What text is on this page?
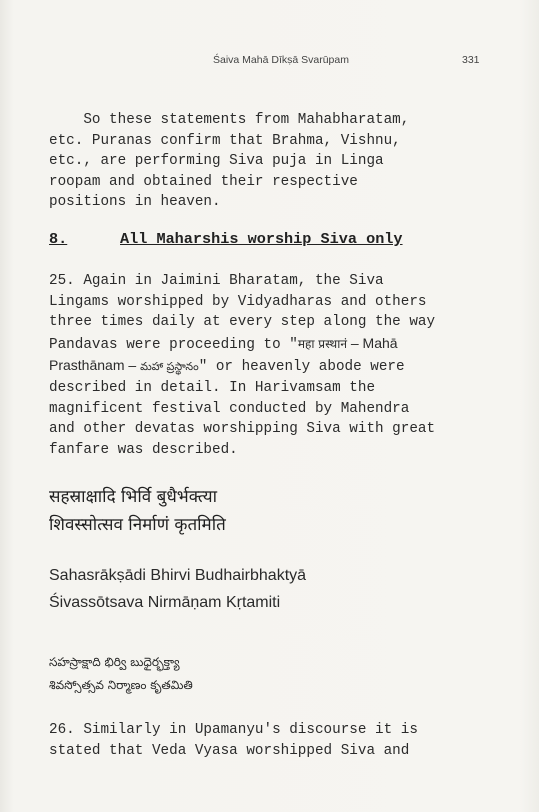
Śaiva Mahā Dīkṣā Svarūpam	331
So these statements from Mahabharatam,
etc. Puranas confirm that Brahma, Vishnu,
etc., are performing Siva puja in Linga
roopam and obtained their respective
positions in heaven.
8.	All Maharshis worship Siva only
25. Again in Jaimini Bharatam, the Siva
Lingams worshipped by Vidyadharas and others
three times daily at every step along the way
Pandavas were proceeding to "महा प्रस्थानं – Mahā
Prasthānam – మహా ప్రస్థానం" or heavenly abode were
described in detail. In Harivamsam the
magnificent festival conducted by Mahendra
and other devatas worshipping Siva with great
fanfare was described.
सहस्राक्षादि भिर्वि बुधैर्भक्त्या
शिवस्सोत्सव निर्माणं कृतमिति
Sahasrākṣādi Bhirvi Budhairbhaktyā
Śivassōtsava Nirmāṇam Kṛtamiti
సహస్రాక్షాది భిర్వి బుధైర్భక్త్యా
శివస్సోత్సవ నిర్మాణం కృతమితి
26. Similarly in Upamanyu's discourse it is
stated that Veda Vyasa worshipped Siva and
